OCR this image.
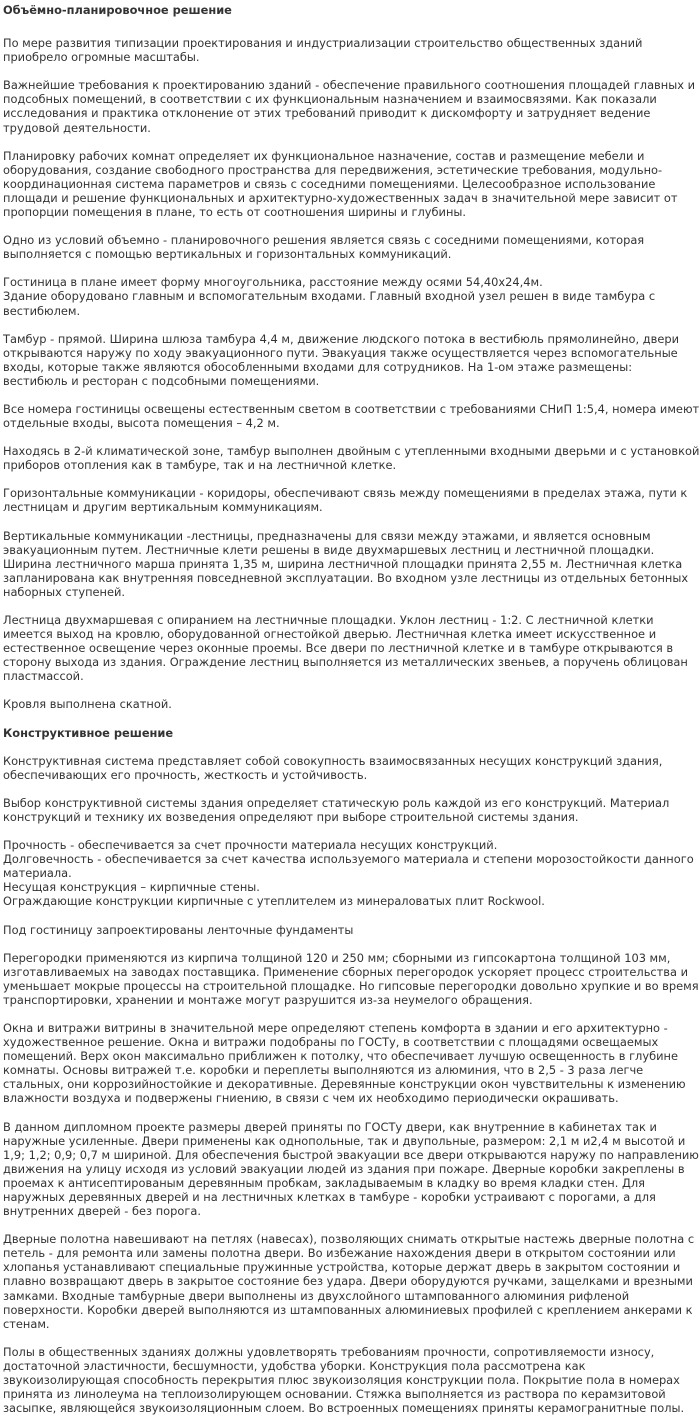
Объёмно-планировочное решение
По мере развития типизации проектирования и индустриализации строительство общественных зданий приобрело огромные масштабы.
Важнейшие требования к проектированию зданий - обеспечение правильного соотношения площадей главных и подсобных помещений, в соответствии с их функциональным назначением и взаимосвязями. Как показали исследования и практика отклонение от этих требований приводит к дискомфорту и затрудняет ведение трудовой деятельности.
Планировку рабочих комнат определяет их функциональное назначение, состав и размещение мебели и оборудования, создание свободного пространства для передвижения, эстетические требования, модульно-координационная система параметров и связь с соседними помещениями. Целесообразное использование площади и решение функциональных и архитектурно-художественных задач в значительной мере зависит от пропорции помещения в плане, то есть от соотношения ширины и глубины.
Одно из условий объемно - планировочного решения является связь с соседними помещениями, которая выполняется с помощью вертикальных и горизонтальных коммуникаций.
Гостиница в плане имеет форму многоугольника, расстояние между осями 54,40х24,4м.
Здание оборудовано главным и вспомогательным входами. Главный входной узел решен в виде тамбура с вестибюлем.
Тамбур - прямой. Ширина шлюза тамбура 4,4 м, движение людского потока в вестибюль прямолинейно, двери открываются наружу по ходу эвакуационного пути. Эвакуация также осуществляется через вспомогательные входы, которые также являются обособленными входами для сотрудников. На 1-ом этаже размещены: вестибюль и ресторан с подсобными помещениями.
Все номера гостиницы освещены естественным светом в соответствии с требованиями СНиП 1:5,4, номера имеют отдельные входы, высота помещения – 4,2 м.
Находясь в 2-й климатической зоне, тамбур выполнен двойным с утепленными входными дверьми и с установкой приборов отопления как в тамбуре, так и на лестничной клетке.
Горизонтальные коммуникации - коридоры, обеспечивают связь между помещениями в пределах этажа, пути к лестницам и другим вертикальным коммуникациям.
Вертикальные коммуникации -лестницы, предназначены для связи между этажами, и является основным эвакуационным путем. Лестничные клети решены в виде двухмаршевых лестниц и лестничной площадки. Ширина лестничного марша принята 1,35 м, ширина лестничной площадки принята 2,55 м. Лестничная клетка запланирована как внутренняя повседневной эксплуатации. Во входном узле лестницы из отдельных бетонных наборных ступеней.
Лестница двухмаршевая с опиранием на лестничные площадки. Уклон лестниц - 1:2. С лестничной клетки имеется выход на кровлю, оборудованной огнестойкой дверью. Лестничная клетка имеет искусственное и естественное освещение через оконные проемы. Все двери по лестничной клетке и в тамбуре открываются в сторону выхода из здания. Ограждение лестниц выполняется из металлических звеньев, а поручень облицован пластмассой.
Кровля выполнена скатной.
Конструктивное решение
Конструктивная система представляет собой совокупность взаимосвязанных несущих конструкций здания, обеспечивающих его прочность, жесткость и устойчивость.
Выбор конструктивной системы здания определяет статическую роль каждой из его конструкций. Материал конструкций и технику их возведения определяют при выборе строительной системы здания.
Прочность - обеспечивается за счет прочности материала несущих конструкций.
Долговечность - обеспечивается за счет качества используемого материала и степени морозостойкости данного материала.
Несущая конструкция – кирпичные стены.
Ограждающие конструкции кирпичные с утеплителем из минераловатых плит Rockwool.
Под гостиницу запроектированы ленточные фундаменты
Перегородки применяются из кирпича толщиной 120 и 250 мм; сборными из гипсокартона толщиной 103 мм, изготавливаемых на заводах поставщика. Применение сборных перегородок ускоряет процесс строительства и уменьшает мокрые процессы на строительной площадке. Но гипсовые перегородки довольно хрупкие и во время транспортировки, хранении и монтаже могут разрушится из-за неумелого обращения.
Окна и витражи витрины в значительной мере определяют степень комфорта в здании и его архитектурно - художественное решение. Окна и витражи подобраны по ГОСТу, в соответствии с площадями освещаемых помещений. Верх окон максимально приближен к потолку, что обеспечивает лучшую освещенность в глубине комнаты. Основы витражей т.е. коробки и переплеты выполняются из алюминия, что в 2,5 - 3 раза легче стальных, они коррозийностойкие и декоративные. Деревянные конструкции окон чувствительны к изменению влажности воздуха и подвержены гниению, в связи с чем их необходимо периодически окрашивать.
В данном дипломном проекте размеры дверей приняты по ГОСТу двери, как внутренние в кабинетах так и наружные усиленные. Двери применены как однопольные, так и двупольные, размером: 2,1 м и2,4 м высотой и 1,9; 1,2; 0,9; 0,7 м шириной. Для обеспечения быстрой эвакуации все двери открываются наружу по направлению движения на улицу исходя из условий эвакуации людей из здания при пожаре. Дверные коробки закреплены в проемах к антисептированым деревянным пробкам, закладываемым в кладку во время кладки стен. Для наружных деревянных дверей и на лестничных клетках в тамбуре - коробки устраивают с порогами, а для внутренних дверей - без порога.
Дверные полотна навешивают на петлях (навесах), позволяющих снимать открытые настежь дверные полотна с петель - для ремонта или замены полотна двери. Во избежание нахождения двери в открытом состоянии или хлопанья устанавливают специальные пружинные устройства, которые держат дверь в закрытом состоянии и плавно возвращают дверь в закрытое состояние без удара. Двери оборудуются ручками, защелками и врезными замками. Входные тамбурные двери выполнены из двухслойного штампованного алюминия рифленой поверхности. Коробки дверей выполняются из штампованных алюминиевых профилей с креплением анкерами к стенам.
Полы в общественных зданиях должны удовлетворять требованиям прочности, сопротивляемости износу, достаточной эластичности, бесшумности, удобства уборки. Конструкция пола рассмотрена как звукоизолирующая способность перекрытия плюс звукоизоляция конструкции пола. Покрытие пола в номерах принята из линолеума на теплоизолирующем основании. Стяжка выполняется из раствора по керамзитовой засыпке, являющейся звукоизоляционным слоем. Во встроенных помещениях приняты керамогранитные полы.
